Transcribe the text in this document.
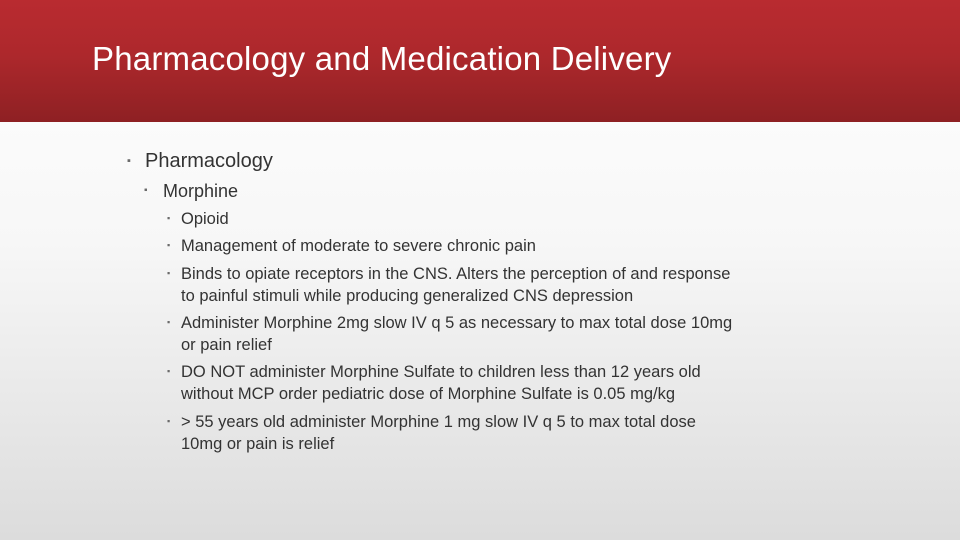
Pharmacology and Medication Delivery
▪ Pharmacology
▪ Morphine
▪ Opioid
▪ Management of moderate to severe chronic pain
▪ Binds to opiate receptors in the CNS. Alters the perception of and response
to painful stimuli while producing generalized CNS depression
▪ Administer Morphine 2mg slow IV q 5 as necessary to max total dose 10mg
or pain relief
▪ DO NOT administer Morphine Sulfate to children less than 12 years old
without MCP order pediatric dose of Morphine Sulfate is 0.05 mg/kg
▪ > 55 years old administer Morphine 1 mg slow IV q 5 to max total dose
10mg or pain is relief
